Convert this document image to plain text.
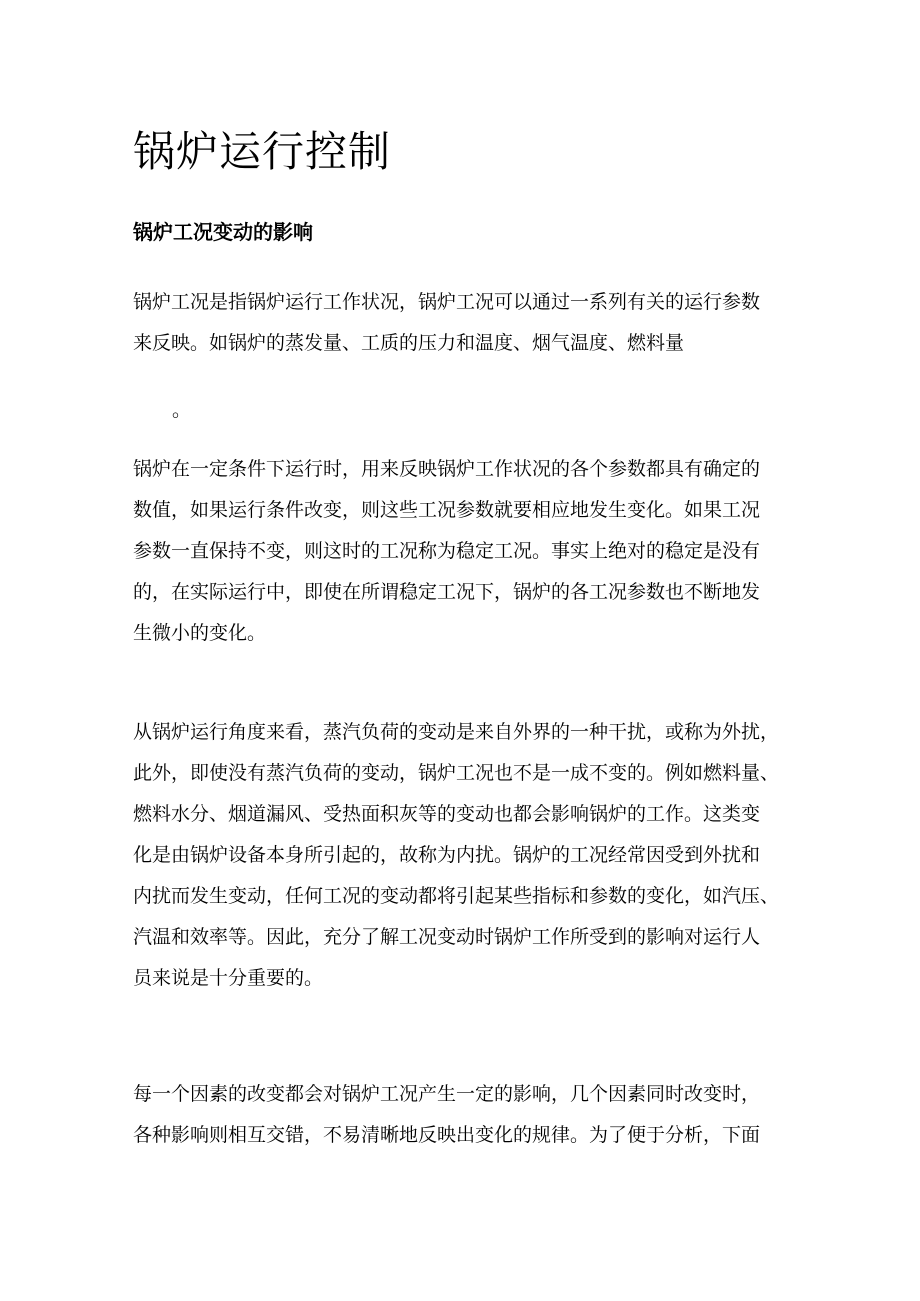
锅炉运行控制
锅炉工况变动的影响
锅炉工况是指锅炉运行工作状况，锅炉工况可以通过一系列有关的运行参数
来反映。如锅炉的蒸发量、工质的压力和温度、烟气温度、燃料量
。
锅炉在一定条件下运行时，用来反映锅炉工作状况的各个参数都具有确定的
数值，如果运行条件改变，则这些工况参数就要相应地发生变化。如果工况
参数一直保持不变，则这时的工况称为稳定工况。事实上绝对的稳定是没有
的，在实际运行中，即使在所谓稳定工况下，锅炉的各工况参数也不断地发
生微小的变化。
从锅炉运行角度来看，蒸汽负荷的变动是来自外界的一种干扰，或称为外扰，
此外，即使没有蒸汽负荷的变动，锅炉工况也不是一成不变的。例如燃料量、
燃料水分、烟道漏风、受热面积灰等的变动也都会影响锅炉的工作。这类变
化是由锅炉设备本身所引起的，故称为内扰。锅炉的工况经常因受到外扰和
内扰而发生变动，任何工况的变动都将引起某些指标和参数的变化，如汽压、
汽温和效率等。因此，充分了解工况变动时锅炉工作所受到的影响对运行人
员来说是十分重要的。
每一个因素的改变都会对锅炉工况产生一定的影响，几个因素同时改变时，
各种影响则相互交错，不易清晰地反映出变化的规律。为了便于分析，下面
